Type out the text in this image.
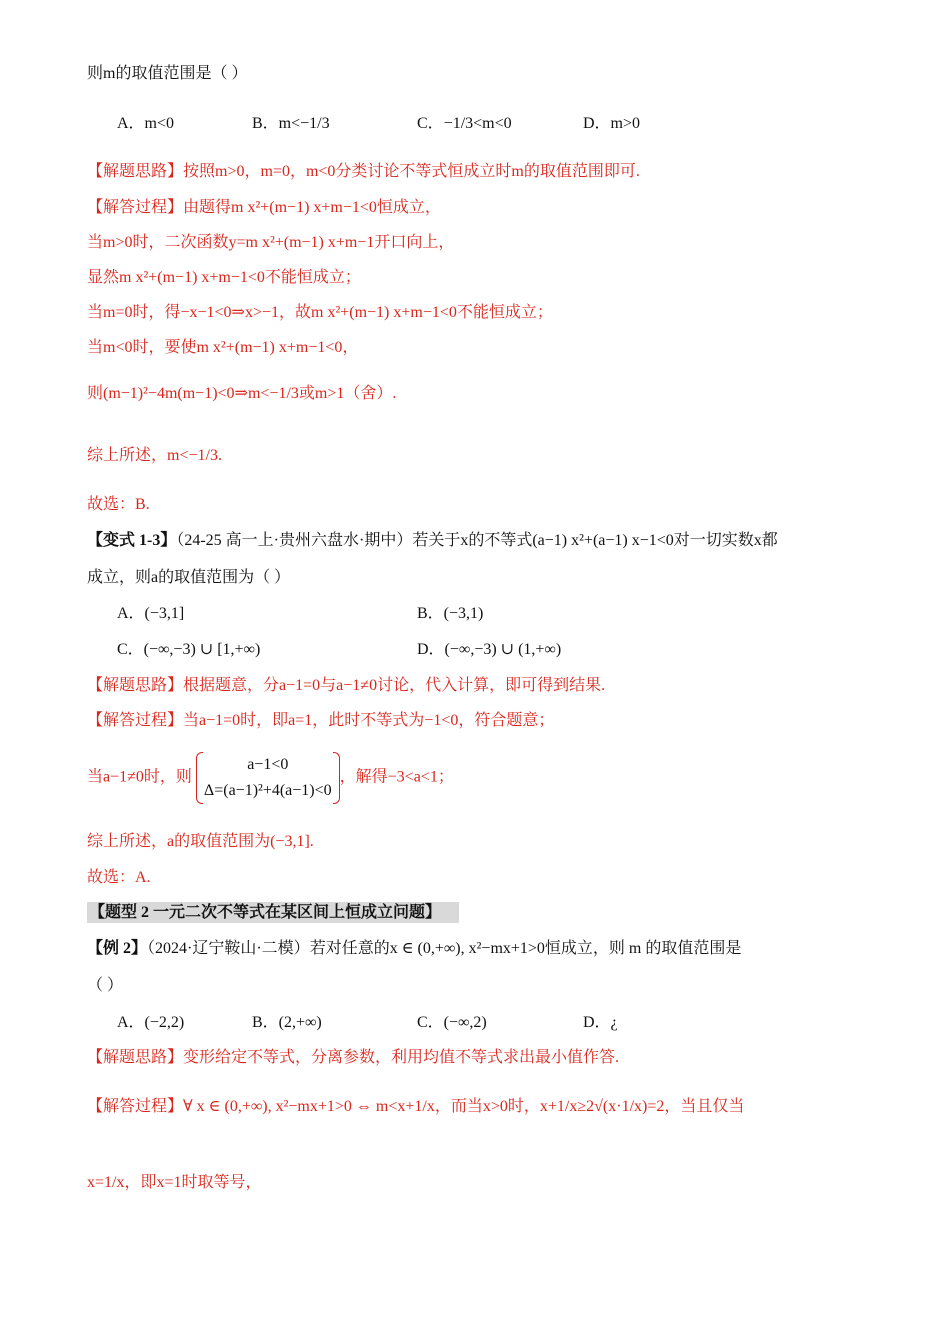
则m的取值范围是（ ）
A．m<0	B．m<−1/3	C．−1/3<m<0	D．m>0
【解题思路】按照m>0，m=0，m<0分类讨论不等式恒成立时m的取值范围即可.
【解答过程】由题得m x²+(m−1) x+m−1<0恒成立，
当m>0时，二次函数y=m x²+(m−1) x+m−1开口向上，
显然m x²+(m−1) x+m−1<0不能恒成立；
当m=0时，得−x−1<0⇒x>−1，故m x²+(m−1) x+m−1<0不能恒成立；
当m<0时，要使m x²+(m−1) x+m−1<0，
则(m−1)²−4m(m−1)<0⇒m<−1/3或m>1（舍）.
综上所述，m<−1/3.
故选：B.
【变式 1-3】（24-25 高一上·贵州六盘水·期中）若关于x的不等式(a−1) x²+(a−1) x−1<0对一切实数x都
成立，则a的取值范围为（ ）
A．(−3,1]	B．(−3,1)
C．(−∞,−3) ∪ [1,+∞)	D．(−∞,−3) ∪ (1,+∞)
【解题思路】根据题意，分a−1=0与a−1≠0讨论，代入计算，即可得到结果.
【解答过程】当a−1=0时，即a=1，此时不等式为−1<0，符合题意；
当a−1≠0时，则
a−1<0
Δ=(a−1)²+4(a−1)<0
，解得−3<a<1；
综上所述，a的取值范围为(−3,1].
故选：A.
【题型 2 一元二次不等式在某区间上恒成立问题】
【例 2】（2024·辽宁鞍山·二模）若对任意的x ∈ (0,+∞), x²−mx+1>0恒成立，则 m 的取值范围是
（ ）
A．(−2,2)	B．(2,+∞)	C．(−∞,2)	D．¿
【解题思路】变形给定不等式，分离参数，利用均值不等式求出最小值作答.
【解答过程】∀ x ∈ (0,+∞), x²−mx+1>0 ⇔ m<x+1/x，而当x>0时，x+1/x≥2√(x·1/x)=2，当且仅当
x=1/x，即x=1时取等号，
